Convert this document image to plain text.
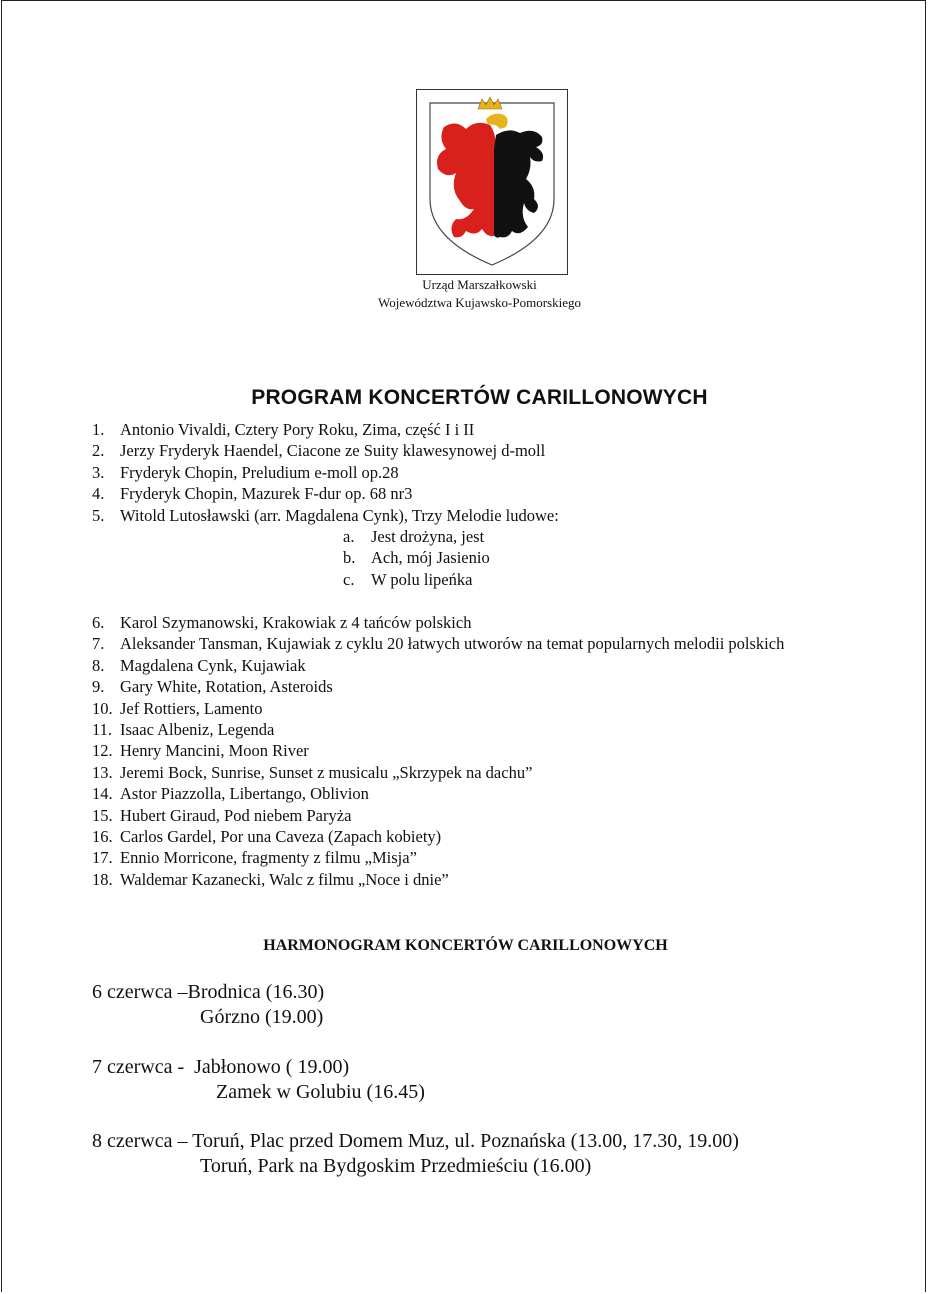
Urząd Marszałkowski
Województwa Kujawsko-Pomorskiego
PROGRAM KONCERTÓW CARILLONOWYCH
1. Antonio Vivaldi, Cztery Pory Roku, Zima, część I i II
2. Jerzy Fryderyk Haendel, Ciacone ze Suity klawesynowej d-moll
3. Fryderyk Chopin, Preludium e-moll op.28
4. Fryderyk Chopin, Mazurek F-dur op. 68 nr3
5. Witold Lutosławski (arr. Magdalena Cynk), Trzy Melodie ludowe:
a. Jest drożyna, jest
b. Ach, mój Jasienio
c. W polu lipeńka
6. Karol Szymanowski, Krakowiak z 4 tańców polskich
7. Aleksander Tansman, Kujawiak z cyklu 20 łatwych utworów na temat popularnych melodii polskich
8. Magdalena Cynk, Kujawiak
9. Gary White, Rotation, Asteroids
10. Jef Rottiers, Lamento
11. Isaac Albeniz, Legenda
12. Henry Mancini, Moon River
13. Jeremi Bock, Sunrise, Sunset z musicalu „Skrzypek na dachu”
14. Astor Piazzolla, Libertango, Oblivion
15. Hubert Giraud, Pod niebem Paryża
16. Carlos Gardel, Por una Caveza (Zapach kobiety)
17. Ennio Morricone, fragmenty z filmu „Misja”
18. Waldemar Kazanecki, Walc z filmu „Noce i dnie”
HARMONOGRAM KONCERTÓW CARILLONOWYCH
6 czerwca –Brodnica (16.30)
Górzno (19.00)
7 czerwca -  Jabłonowo ( 19.00)
Zamek w Golubiu (16.45)
8 czerwca – Toruń, Plac przed Domem Muz, ul. Poznańska (13.00, 17.30, 19.00)
Toruń, Park na Bydgoskim Przedmieściu (16.00)
